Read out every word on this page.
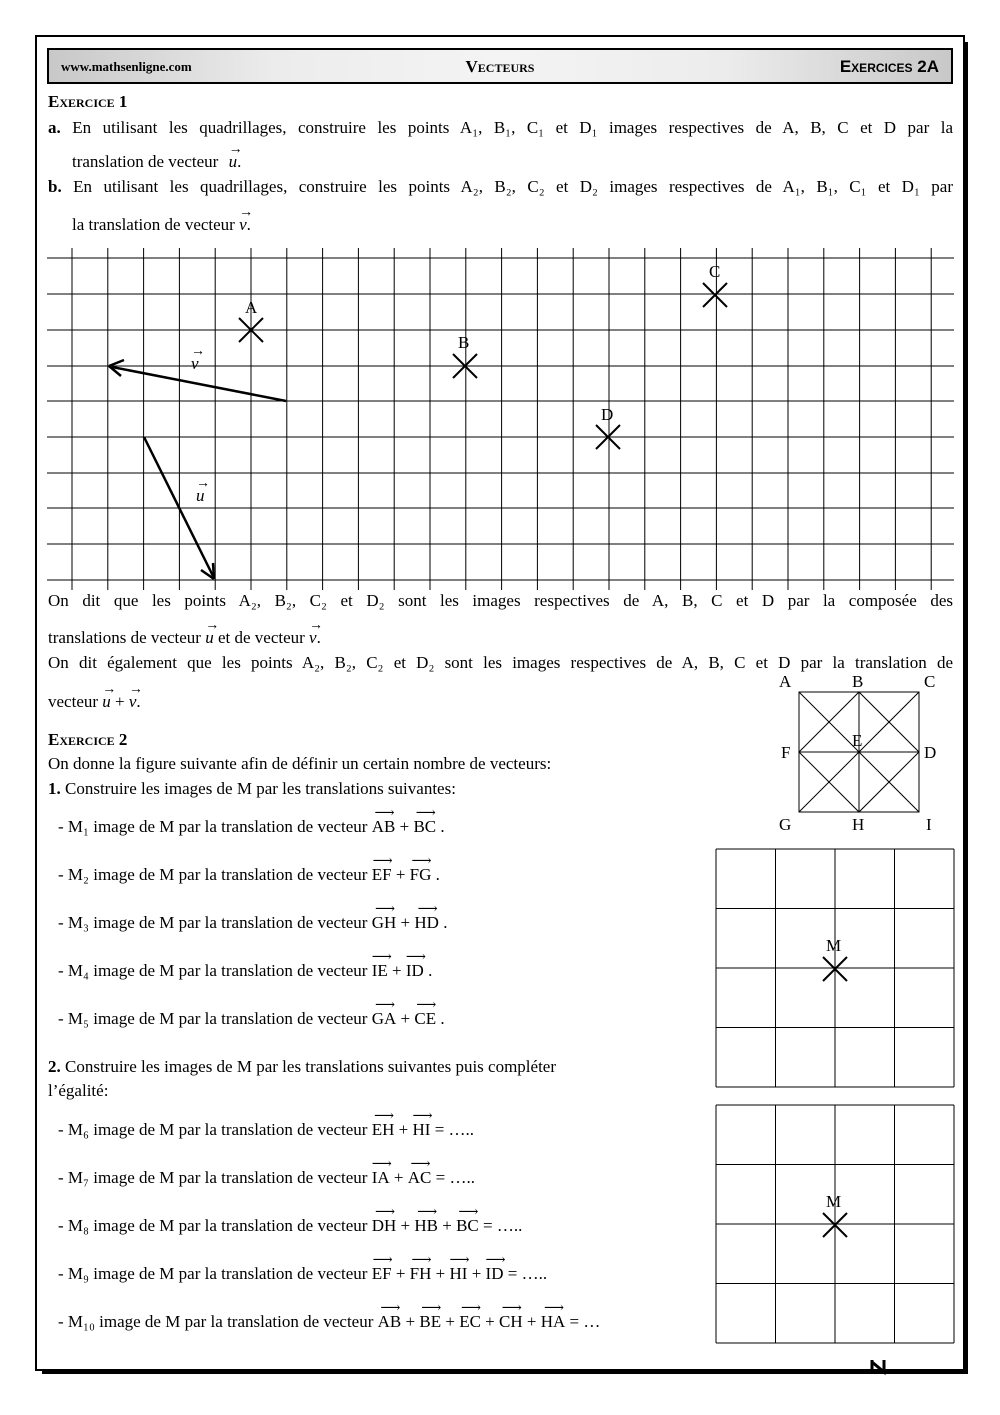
www.mathsenligne.com	Vecteurs	Exercices 2A
Exercice 1
a. En utilisant les quadrillages, construire les points A₁, B₁, C₁ et D₁ images respectives de A, B, C et D par la
translation de vecteur
→
u.
b. En utilisant les quadrillages, construire les points A₂, B₂, C₂ et D₂ images respectives de A₁, B₁, C₁ et D₁ par
la translation de vecteur
→
v.
A
B
C
D
→
v
→
u
On dit que les points A₂, B₂, C₂ et D₂ sont les images respectives de A, B, C et D par la composée des
translations de vecteur
→
u et de vecteur
→
v.
On dit également que les points A₂, B₂, C₂ et D₂ sont les images respectives de A, B, C et D par la translation de
vecteur
→
u +
→
v.
Exercice 2
On donne la figure suivante afin de définir un certain nombre de vecteurs:
1. Construire les images de M par les translations suivantes:
- M₁ image de M par la translation de vecteur
⟶
AB +
⟶
BC .
- M₂ image de M par la translation de vecteur
⟶
EF +
⟶
FG .
- M₃ image de M par la translation de vecteur
⟶
GH +
⟶
HD .
- M₄ image de M par la translation de vecteur
⟶
IE +
⟶
ID .
- M₅ image de M par la translation de vecteur
⟶
GA +
⟶
CE .
2. Construire les images de M par les translations suivantes puis compléter
l’égalité:
- M₆ image de M par la translation de vecteur
⟶
EH +
⟶
HI = …..
- M₇ image de M par la translation de vecteur
⟶
IA +
⟶
AC = …..
- M₈ image de M par la translation de vecteur
⟶
DH +
⟶
HB +
⟶
BC = …..
- M₉ image de M par la translation de vecteur
⟶
EF +
⟶
FH +
⟶
HI +
⟶
ID = …..
- M₁₀ image de M par la translation de vecteur
⟶
AB +
⟶
BE +
⟶
EC +
⟶
CH +
⟶
HA = …
A	B	C
F
E
D
G	H	I
M
M
